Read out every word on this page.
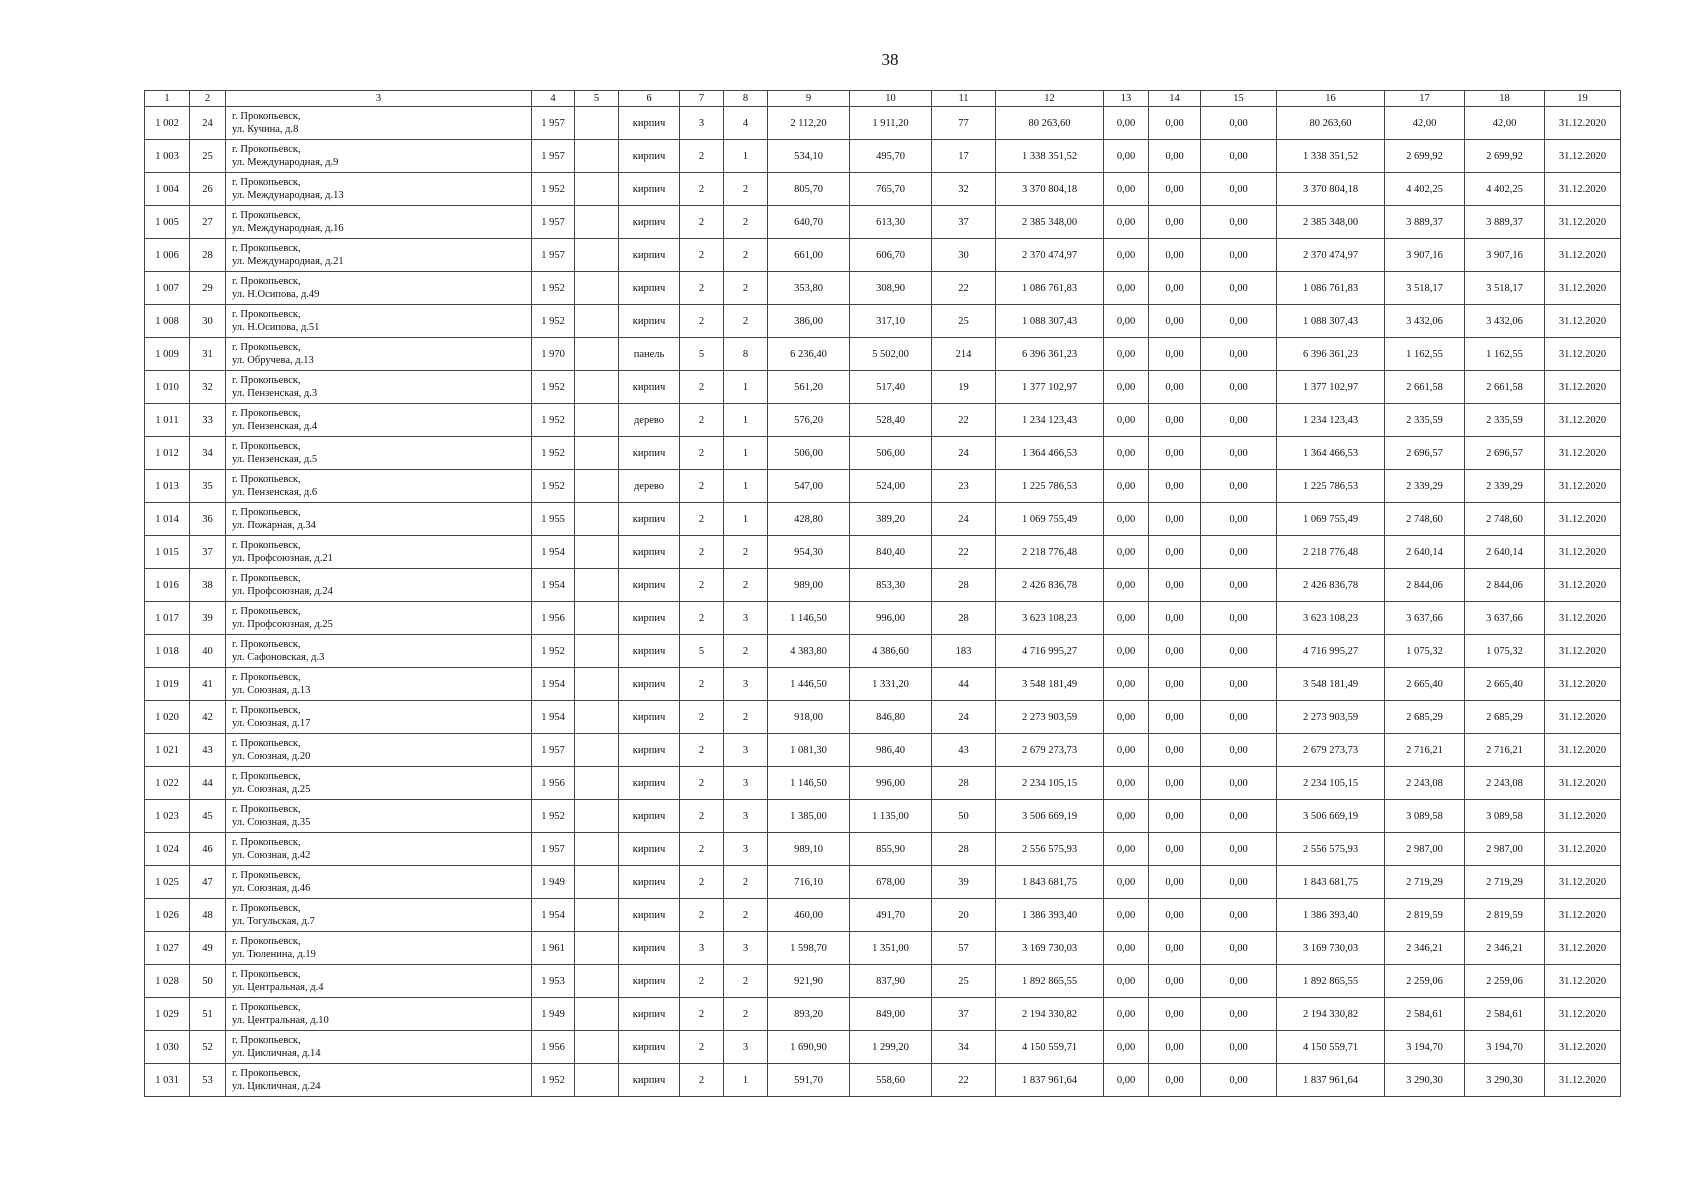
38
1	2	3	4	5	6	7	8	9	10	11	12	13	14	15	16	17	18	19
1 002	24	г. Прокопьевск,
ул. Кучина, д.8	1 957		кирпич	3	4	2 112,20	1 911,20	77	80 263,60	0,00	0,00	0,00	80 263,60	42,00	42,00	31.12.2020
1 003	25	г. Прокопьевск,
ул. Международная, д.9	1 957		кирпич	2	1	534,10	495,70	17	1 338 351,52	0,00	0,00	0,00	1 338 351,52	2 699,92	2 699,92	31.12.2020
1 004	26	г. Прокопьевск,
ул. Международная, д.13	1 952		кирпич	2	2	805,70	765,70	32	3 370 804,18	0,00	0,00	0,00	3 370 804,18	4 402,25	4 402,25	31.12.2020
1 005	27	г. Прокопьевск,
ул. Международная, д.16	1 957		кирпич	2	2	640,70	613,30	37	2 385 348,00	0,00	0,00	0,00	2 385 348,00	3 889,37	3 889,37	31.12.2020
1 006	28	г. Прокопьевск,
ул. Международная, д.21	1 957		кирпич	2	2	661,00	606,70	30	2 370 474,97	0,00	0,00	0,00	2 370 474,97	3 907,16	3 907,16	31.12.2020
1 007	29	г. Прокопьевск,
ул. Н.Осипова, д.49	1 952		кирпич	2	2	353,80	308,90	22	1 086 761,83	0,00	0,00	0,00	1 086 761,83	3 518,17	3 518,17	31.12.2020
1 008	30	г. Прокопьевск,
ул. Н.Осипова, д.51	1 952		кирпич	2	2	386,00	317,10	25	1 088 307,43	0,00	0,00	0,00	1 088 307,43	3 432,06	3 432,06	31.12.2020
1 009	31	г. Прокопьевск,
ул. Обручева, д.13	1 970		панель	5	8	6 236,40	5 502,00	214	6 396 361,23	0,00	0,00	0,00	6 396 361,23	1 162,55	1 162,55	31.12.2020
1 010	32	г. Прокопьевск,
ул. Пензенская, д.3	1 952		кирпич	2	1	561,20	517,40	19	1 377 102,97	0,00	0,00	0,00	1 377 102,97	2 661,58	2 661,58	31.12.2020
1 011	33	г. Прокопьевск,
ул. Пензенская, д.4	1 952		дерево	2	1	576,20	528,40	22	1 234 123,43	0,00	0,00	0,00	1 234 123,43	2 335,59	2 335,59	31.12.2020
1 012	34	г. Прокопьевск,
ул. Пензенская, д.5	1 952		кирпич	2	1	506,00	506,00	24	1 364 466,53	0,00	0,00	0,00	1 364 466,53	2 696,57	2 696,57	31.12.2020
1 013	35	г. Прокопьевск,
ул. Пензенская, д.6	1 952		дерево	2	1	547,00	524,00	23	1 225 786,53	0,00	0,00	0,00	1 225 786,53	2 339,29	2 339,29	31.12.2020
1 014	36	г. Прокопьевск,
ул. Пожарная, д.34	1 955		кирпич	2	1	428,80	389,20	24	1 069 755,49	0,00	0,00	0,00	1 069 755,49	2 748,60	2 748,60	31.12.2020
1 015	37	г. Прокопьевск,
ул. Профсоюзная, д.21	1 954		кирпич	2	2	954,30	840,40	22	2 218 776,48	0,00	0,00	0,00	2 218 776,48	2 640,14	2 640,14	31.12.2020
1 016	38	г. Прокопьевск,
ул. Профсоюзная, д.24	1 954		кирпич	2	2	989,00	853,30	28	2 426 836,78	0,00	0,00	0,00	2 426 836,78	2 844,06	2 844,06	31.12.2020
1 017	39	г. Прокопьевск,
ул. Профсоюзная, д.25	1 956		кирпич	2	3	1 146,50	996,00	28	3 623 108,23	0,00	0,00	0,00	3 623 108,23	3 637,66	3 637,66	31.12.2020
1 018	40	г. Прокопьевск,
ул. Сафоновская, д.3	1 952		кирпич	5	2	4 383,80	4 386,60	183	4 716 995,27	0,00	0,00	0,00	4 716 995,27	1 075,32	1 075,32	31.12.2020
1 019	41	г. Прокопьевск,
ул. Союзная, д.13	1 954		кирпич	2	3	1 446,50	1 331,20	44	3 548 181,49	0,00	0,00	0,00	3 548 181,49	2 665,40	2 665,40	31.12.2020
1 020	42	г. Прокопьевск,
ул. Союзная, д.17	1 954		кирпич	2	2	918,00	846,80	24	2 273 903,59	0,00	0,00	0,00	2 273 903,59	2 685,29	2 685,29	31.12.2020
1 021	43	г. Прокопьевск,
ул. Союзная, д.20	1 957		кирпич	2	3	1 081,30	986,40	43	2 679 273,73	0,00	0,00	0,00	2 679 273,73	2 716,21	2 716,21	31.12.2020
1 022	44	г. Прокопьевск,
ул. Союзная, д.25	1 956		кирпич	2	3	1 146,50	996,00	28	2 234 105,15	0,00	0,00	0,00	2 234 105,15	2 243,08	2 243,08	31.12.2020
1 023	45	г. Прокопьевск,
ул. Союзная, д.35	1 952		кирпич	2	3	1 385,00	1 135,00	50	3 506 669,19	0,00	0,00	0,00	3 506 669,19	3 089,58	3 089,58	31.12.2020
1 024	46	г. Прокопьевск,
ул. Союзная, д.42	1 957		кирпич	2	3	989,10	855,90	28	2 556 575,93	0,00	0,00	0,00	2 556 575,93	2 987,00	2 987,00	31.12.2020
1 025	47	г. Прокопьевск,
ул. Союзная, д.46	1 949		кирпич	2	2	716,10	678,00	39	1 843 681,75	0,00	0,00	0,00	1 843 681,75	2 719,29	2 719,29	31.12.2020
1 026	48	г. Прокопьевск,
ул. Тогульская, д.7	1 954		кирпич	2	2	460,00	491,70	20	1 386 393,40	0,00	0,00	0,00	1 386 393,40	2 819,59	2 819,59	31.12.2020
1 027	49	г. Прокопьевск,
ул. Тюленина, д.19	1 961		кирпич	3	3	1 598,70	1 351,00	57	3 169 730,03	0,00	0,00	0,00	3 169 730,03	2 346,21	2 346,21	31.12.2020
1 028	50	г. Прокопьевск,
ул. Центральная, д.4	1 953		кирпич	2	2	921,90	837,90	25	1 892 865,55	0,00	0,00	0,00	1 892 865,55	2 259,06	2 259,06	31.12.2020
1 029	51	г. Прокопьевск,
ул. Центральная, д.10	1 949		кирпич	2	2	893,20	849,00	37	2 194 330,82	0,00	0,00	0,00	2 194 330,82	2 584,61	2 584,61	31.12.2020
1 030	52	г. Прокопьевск,
ул. Цикличная, д.14	1 956		кирпич	2	3	1 690,90	1 299,20	34	4 150 559,71	0,00	0,00	0,00	4 150 559,71	3 194,70	3 194,70	31.12.2020
1 031	53	г. Прокопьевск,
ул. Цикличная, д.24	1 952		кирпич	2	1	591,70	558,60	22	1 837 961,64	0,00	0,00	0,00	1 837 961,64	3 290,30	3 290,30	31.12.2020
